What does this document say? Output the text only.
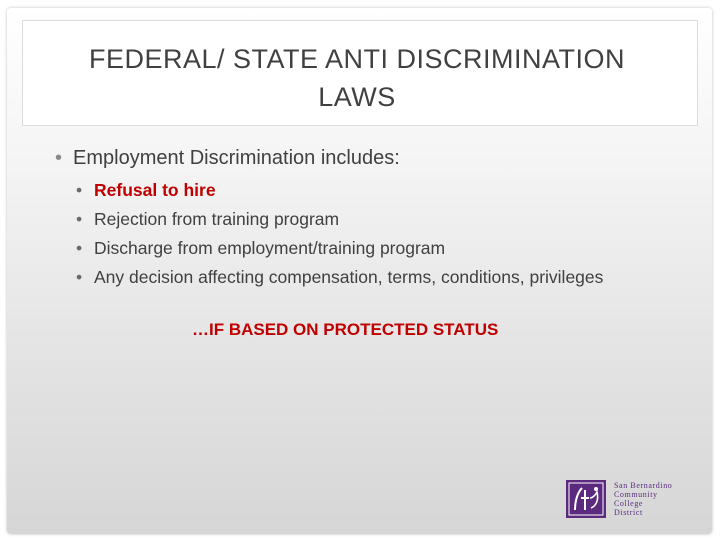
FEDERAL/ STATE ANTI DISCRIMINATION
LAWS
• Employment Discrimination includes:
• Refusal to hire
• Rejection from training program
• Discharge from employment/training program
• Any decision affecting compensation, terms, conditions, privileges
…IF BASED ON PROTECTED STATUS
San Bernardino
Community
College
District
